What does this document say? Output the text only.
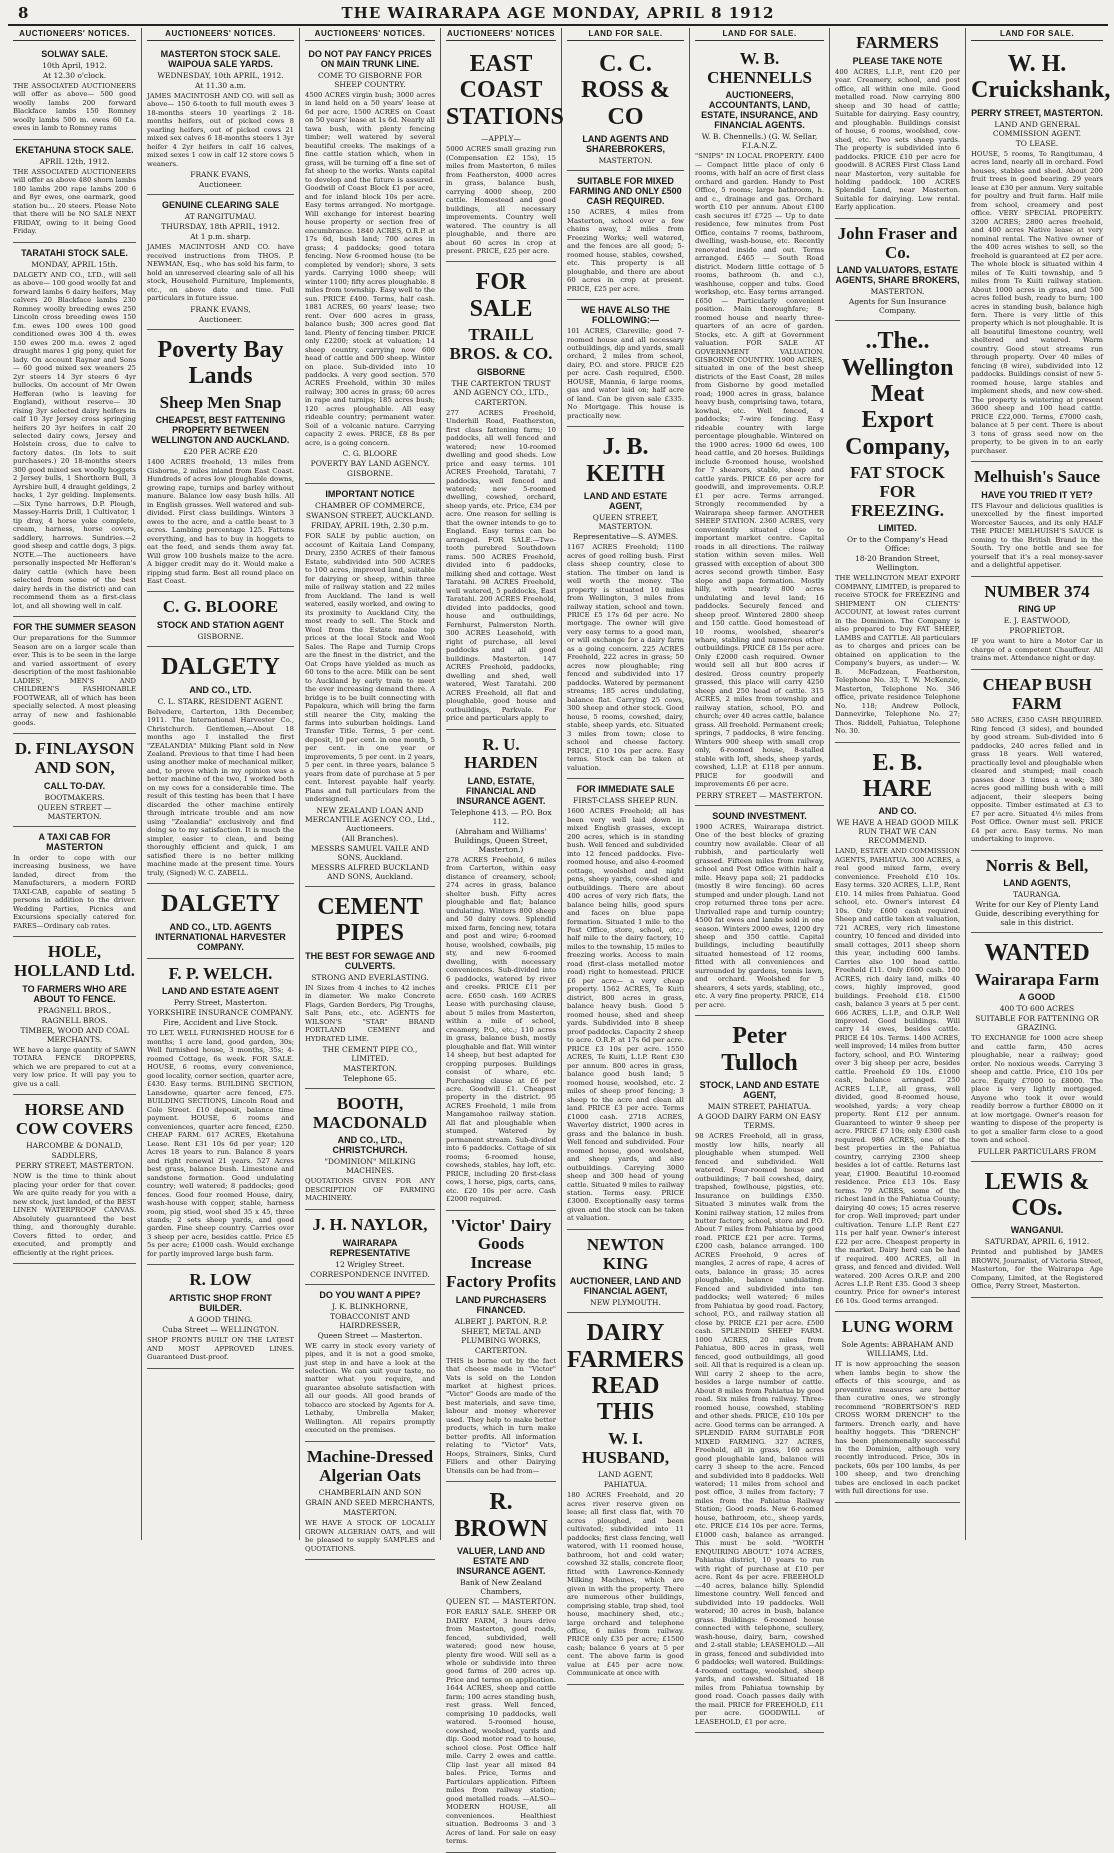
8	THE WAIRARAPA AGE MONDAY, APRIL 8 1912
AUCTIONEERS' NOTICES.
SOLWAY SALE.
10th April, 1912.
At 12.30 o'clock.
THE ASSOCIATED AUCTIONEERS will offer as above— 500 good woolly lambs 200 forward Blackface lambs 150 Romney woolly lambs 500 m. ewes 60 f.a. ewes in lamb to Romney rams
EKETAHUNA STOCK SALE.
APRIL 12th, 1912.
THE ASSOCIATED AUCTIONEERS will offer as above 480 shorn lambs 180 lambs 200 rape lambs 200 6 and 8yr ewes, one earmark, good station bu... 20 steers. Please Note that there will be NO SALE NEXT FRIDAY, owing to it being Good Friday.
TARATAHI STOCK SALE.
MONDAY, APRIL 15th.
DALGETY AND CO., LTD., will sell as above— 100 good woolly fat and forward lambs 6 dairy heifers, May calvers 20 Blackface lambs 230 Romney woolly breeding ewes 250 Lincoln cross breeding ewes 150 f.m. ewes 100 ewes 100 good conditioned ewes 300 4 th. ewes 150 ewes 200 m.a. ewes 2 aged draught mares 1 gig pony, quiet for lady. On account Rayner and Sons— 60 good mixed sex weaners 25 2yr steers 14 3yr steers 6 4yr bullocks. On account of Mr Owen Hefferan (who is leaving for England), without reserve— 30 rising 3yr selected dairy heifers in calf 10 3yr Jersey cross springing heifers 20 3yr heifers in calf 20 selected dairy cows, Jersey and Holstein cross, due to calve to factory dates. (In lots to suit purchasers.) 20 18-months steers 300 good mixed sex woolly hoggets 2 Jersey bulls, 1 Shorthorn Bull, 3 Ayrshire bull, 4 draught geldings, 2 hacks, 1 2yr gelding. Implements.—Six Tyne harrows, D.P. Plough, Massey-Harris Drill, 1 Cultivator, 1 tip dray, 4 horse yoke complete, cream, harness, horse covers, saddlery, harrows. Sundries.—2 good sheep and cattle dogs, 3 pigs. NOTE.—The auctioneers have personally inspected Mr Hefferan's dairy cattle (which have been selected from some of the best dairy herds in the district) and can recommend them as a first-class lot, and all showing well in calf.
FOR THE SUMMER SEASON
Our preparations for the Summer Season are on a larger scale than ever. This is to be seen in the large and varied assortment of every description of the most fashionable LADIES', MEN'S AND CHILDREN'S FASHIONABLE FOOTWEAR, all of which has been specially selected. A most pleasing array of new and fashionable goods.
D. FINLAYSON AND SON,
CALL TO-DAY.
BOOTMAKERS.
QUEEN STREET — MASTERTON.
A TAXI CAB FOR MASTERTON
In order to cope with our increasing business, we have landed, direct from the Manufacturers, a modern FORD TAXI-CAB, capable of seating 5 persons in addition to the driver. Wedding Parties, Picnics and Excursions specially catered for. FARES—Ordinary cab rates.
HOLE, HOLLAND Ltd.
TO FARMERS WHO ARE ABOUT TO FENCE.
PRAGNELL BROS.,
RAGNELL BROS.
TIMBER, WOOD AND COAL MERCHANTS.
WE have a large quantity of SAWN TOTARA FENCE DROPPERS, which we are prepared to cut at a very low price. It will pay you to give us a call.
HORSE AND COW COVERS
HARCOMBE & DONALD,
SADDLERS,
PERRY STREET, MASTERTON.
NOW is the time to think about placing your order for that cover. We are quite ready for you with a new stock, just landed, of the BEST LINEN WATERPROOF CANVAS. Absolutely guaranteed the best thing, and thoroughly durable. Covers fitted to order, and executed, and promptly and efficiently at the right prices.
AUCTIONEERS' NOTICES.
MASTERTON STOCK SALE. WAIPOUA SALE YARDS.
WEDNESDAY, 10th APRIL, 1912.
At 11.30 a.m.
JAMES MACINTOSH AND CO. will sell as above— 150 6-tooth to full mouth ewes 3 18-months steers 10 yearlings 2 18-months heifers, out of picked cows 8 yearling heifers, out of picked cows 21 mixed sex calves 6 18-months steers 1 3yr heifer 4 2yr heifers in calf 16 calves, mixed sexes 1 cow in calf 12 store cows 5 weaners.
FRANK EVANS,
Auctioneer.
GENUINE CLEARING SALE
AT RANGITUMAU.
THURSDAY, 18th APRIL, 1912.
At 1 p.m. sharp.
JAMES MACINTOSH AND CO. have received instructions from THOS. P. NEWMAN, Esq., who has sold his farm, to hold an unreserved clearing sale of all his stock, Household Furniture, Implements, etc., on above date and time. Full particulars in future issue.
FRANK EVANS,
Auctioneer.
Poverty Bay Lands
Sheep Men Snap
CHEAPEST, BEST FATTENING PROPERTY BETWEEN WELLINGTON AND AUCKLAND.
£20 PER ACRE £20
1400 ACRES freehold, 13 miles from Gisborne, 2 miles inland from East Coast. Hundreds of acres low ploughable downs, growing rape, turnips and barley without manure. Balance low easy bush hills. All in English grasses. Well watered and sub-divided. First class buildings. Winters 3 ewes to the acre, and a cattle beast to 3 acres. Lambing percentage 125. Fattens everything, and has to buy in hoggets to eat the feed, and sends them away fat. Will grow 100 bushels maize to the acre. A bigger credit may do it. Would make a ripping stud farm. Best all round place on East Coast.
C. G. BLOORE
STOCK AND STATION AGENT
GISBORNE.
DALGETY
AND CO., LTD.
C. L. STARK, RESIDENT AGENT.
Belvedere, Carterton, 13th December, 1911. The International Harvester Co., Christchurch. Gentlemen,—About 18 months ago I installed the first "ZEALANDIA" Milking Plant sold in New Zealand. Previous to that time I had been using another make of mechanical milker, and, to prove which in my opinion was a better machine of the two, I worked both on my cows for a considerable time. The result of this testing has been that I have discarded the other machine entirely through intricate trouble and am now using "Zealandia" exclusively and find doing so to my satisfaction. It is much the simpler, easier to clean, and being thoroughly efficient and quick, I am satisfied there is no better milking machine made at the present time. Yours truly, (Signed) W. C. ZABELL.
DALGETY
AND CO., LTD. AGENTS INTERNATIONAL HARVESTER COMPANY.
F. P. WELCH.
LAND AND ESTATE AGENT
Perry Street, Masterton.
YORKSHIRE INSURANCE COMPANY.
Fire, Accident and Live Stock.
TO LET. WELL FURNISHED HOUSE for 6 months; 1 acre land, good garden, 30s; Well furnished house, 3 months, 35s; 4-roomed Cottage, 6s week. FOR SALE. HOUSE, 6 rooms, every convenience, good locality, corner section, quarter acre, £430. Easy terms. BUILDING SECTION, Lansdowne, quarter acre fenced, £75. BUILDING SECTIONS, Lincoln Road and Cole Street. £10 deposit, balance time payment. HOUSE, 6 rooms and conveniences, quarter acre fenced, £250. CHEAP FARM. 617 ACRES, Eketahuna Lease. Rent £31 10s 6d per year; 120 Acres 18 years to run. Balance 8 years and right renewal 21 years. 527 Acres best grass, balance bush. Limestone and sandstone formation. Good undulating country; well watered; 8 paddocks; good fences. Good four roomed House, dairy, wash-house with copper, stable, harness room, pig stied, wool shed 35 x 45, three stands; 2 sets sheep yards, and good garden. Fine sheep country. Carries over 3 sheep per acre, besides cattle. Price £5 5s per acre; £1000 cash. Would exchange for partly improved large bush farm.
R. LOW
ARTISTIC SHOP FRONT BUILDER.
A GOOD THING.
Cuba Street — WELLINGTON.
SHOP FRONTS BUILT ON THE LATEST AND MOST APPROVED LINES. Guaranteed Dust-proof.
AUCTIONEERS' NOTICES.
DO NOT PAY FANCY PRICES ON MAIN TRUNK LINE.
COME TO GISBORNE FOR SHEEP COUNTRY.
4500 ACRES virgin bush; 3000 acres in land held on a 50 years' lease at 6d per acre, 1500 ACRES on Coast on 50 years' lease at 1s 6d. Nearly all tawa bush, with plenty fencing timber; well watered by several beautiful creeks. The makings of a fine cattle station which, when in grass, will be turning off a fine set of fat sheep to the works. Wants capital to develop and the future is assured. Goodwill of Coast Block £1 per acre, and for inland block 10s per acre. Easy terms arranged. No mortgage. Will exchange for interest bearing house property or section free of encumbrance. 1840 ACRES, O.R.P. at 17s 6d, bush land; 700 acres in grass; 4 paddocks; good totara fencing. New 6-roomed house (to be completed by vendor); shore, 3 sets yards. Carrying 1000 sheep; will winter 1100; fifty acres ploughable. 8 miles from township. Easy well to the sun. PRICE £400. Terms, half cash. 1881 ACRES, 60 years' lease; two rent. Over 600 acres in grass, balance bush; 300 acres good flat land. Plenty of fencing timber. PRICE only £2200; stock at valuation; 14 sheep country, carrying now 600 head of cattle and 500 sheep. Winter on place. Sub-divided into 10 paddocks. A very good section. 570 ACRES Freehold, within 30 miles railway; 300 acres in grass; 60 acres in rape and turnips; 185 acres bush; 120 acres ploughable. All easy rideable country; permanent water. Soil of a volcanic nature. Carrying capacity 2 ewes. PRICE, £8 8s per acre, is a going concern.
C. G. BLOORE
POVERTY BAY LAND AGENCY.
GISBORNE.
IMPORTANT NOTICE
CHAMBER OF COMMERCE,
SWANSON STREET, AUCKLAND.
FRIDAY, APRIL 19th, 2.30 p.m.
FOR SALE by public auction, on account of Kaitaia Land Company, Drury, 2350 ACRES of their famous Estate, subdivided into 500 ACRES to 100 acres, improved land, suitable for dairying or sheep, within three mile of railway station and 22 miles from Auckland. The land is well watered, easily worked, and owing to its proximity to Auckland City, the most ready to sell. The Stock and Wool from the Estate make top prices at the local Stock and Wool Sales. The Rape and Turnip Crops are the finest in the district, and the Oat Crops have yielded as much as 60 tons to the acre. Milk can be sent to Auckland by early train to meet the ever increasing demand there. A bridge is to be built connecting with Papakura, which will bring the farm still nearer the City, making the farms into suburban holdings. Land Transfer Title. Terms, 5 per cent. deposit, 10 per cent. in one month, 5 per cent. in one year or improvements, 5 per cent. in 2 years, 5 per cent. in three years, balance 5 years from date of purchase at 5 per cent. Interest payable half yearly. Plans and full particulars from the undersigned.
NEW ZEALAND LOAN AND MERCANTILE AGENCY CO., Ltd., Auctioneers.
(All Branches).
MESSRS SAMUEL VAILE AND SONS, Auckland.
MESSRS ALFRED BUCKLAND AND SONS, Auckland.
CEMENT PIPES
THE BEST FOR SEWAGE AND CULVERTS.
STRONG AND EVERLASTING.
IN Sizes from 4 inches to 42 inches in diameter. We make Concrete Flags, Garden Borders, Pig Troughs, Salt Pans, etc., etc. AGENTS for WILSON'S "STAR" BRAND PORTLAND CEMENT and HYDRATED LIME.
THE CEMENT PIPE CO., LIMITED.
MASTERTON.
Telephone 65.
BOOTH, MACDONALD
AND CO., LTD., CHRISTCHURCH.
"DOMINION" MILKING MACHINES.
QUOTATIONS GIVEN FOR ANY DESCRIPTION OF FARMING MACHINERY.
J. H. NAYLOR,
WAIRARAPA REPRESENTATIVE
12 Wrigley Street.
CORRESPONDENCE INVITED.
DO YOU WANT A PIPE?
J. K. BLINKHORNE,
TOBACCONIST AND HAIRDRESSER,
Queen Street — Masterton.
WE carry in stock every variety of pipes, and it is not a good smoke, just step in and have a look at the selection. We can suit your taste, no matter what you require, and guarantee absolute satisfaction with all our goods. All good brands of tobacco are stocked by Agents for A. Lethaby, Umbrella Maker, Wellington. All repairs promptly executed on the premises.
Machine-Dressed Algerian Oats
CHAMBERLAIN AND SON
GRAIN AND SEED MERCHANTS,
MASTERTON.
WE HAVE A STOCK OF LOCALLY GROWN ALGERIAN OATS, and will be pleased to supply SAMPLES and QUOTATIONS.
AUCTIONEERS' NOTICES
EAST COAST STATIONS
—APPLY—
5000 ACRES small grazing run (Compensation £2 15s), 15 miles from Masterton, 6 miles from Featherston, 4000 acres in grass, balance bush, carrying 4000 sheep, 200 cattle. Homestead and good buildings, all necessary improvements. Country well watered. The country is all ploughable, and there are about 60 acres in crop at present. PRICE, £25 per acre.
FOR SALE
TRAILL BROS. & CO.
GISBORNE
THE CARTERTON TRUST AND AGENCY CO., LTD.,
CARTERTON.
277 ACRES Freehold, Underhill Road, Featherston, first class fattening farm; 10 paddocks, all well fenced and watered; new 10-roomed dwelling and good sheds. Low price and easy terms. 101 ACRES Freehold, Taratahi, 7 paddocks, well fenced and watered; new 5-roomed dwelling, cowshed, orchard, sheep yards, etc. Price, £34 per acre. One reason for selling is that the owner intends to go to England. Easy terms can be arranged. FOR SALE.—Two-tooth purebred Southdown rams. 500 ACRES Freehold, divided into 6 paddocks, milking shed and cottage. West Taratahi. 98 ACRES Freehold, well watered, 5 paddocks, East Taratahi. 200 ACRES Freehold, divided into paddocks, good house and outbuildings, Fernhurst, Palmerston North. 300 ACRES Leasehold, with right of purchase, all level paddocks and all good buildings. Masterton. 147 ACRES Freehold, paddocks, dwelling and shed, well watered, West Taratahi. 200 ACRES Freehold, all flat and ploughable, good house and outbuildings, Parkvale. For price and particulars apply to
R. U. HARDEN
LAND, ESTATE, FINANCIAL AND INSURANCE AGENT.
Telephone 413. — P.O. Box 112.
(Abraham and Williams' Buildings, Queen Street, Masterton.)
278 ACRES Freehold, 6 miles from Carterton, within easy distance of creamery, school; 274 acres in grass, balance shelter bush. Fifty acres ploughable and flat; balance undulating. Winters 800 sheep and 50 dairy cows. Splendid mixed farm, fencing new, totara and post and wire; 6-roomed house, woolshed, cowbails, pig sty, and new 6-roomed dwelling, with necessary conveniences. Sub-divided into 6 paddocks, watered by river and creeks. PRICE £11 per acre. £650 cash. 169 ACRES Lease with purchasing clause, about 5 miles from Masterton, within a mile of school, creamery, P.O., etc.; 110 acres in grass, balance bush, mostly ploughable and flat. Will winter 14 sheep, but best adapted for cropping purposes. Buildings consist of whare, etc. Purchasing clause at £6 per acre. Goodwill £1. Cheapest property in the district. 95 ACRES Freehold, 1 mile from Mangamahoe railway station. All flat and ploughable when stumped. Watered by permanent stream. Sub-divided into 6 paddocks. Cottage of six rooms; 6-roomed house, cowsheds, stables, hay loft, etc. PRICE, including 20 first-class cows, 1 horse, pigs, carts, cans, etc. £20 10s per acre. Cash £2000 required.
'Victor' Dairy Goods Increase Factory Profits
LAND PURCHASERS FINANCED.
ALBERT J. PARTON, R.P.
SHEET, METAL AND PLUMBING WORKS,
CARTERTON.
THIS is borne out by the fact that cheese made in "Victor" Vats is sold on the London market at highest prices. "Victor" Goods are made of the best materials, and save time, labour and money wherever used. They help to make better products, which in turn make better profits. All information relating to "Victor" Vats, Hoops, Strainers, Sinks, Curd Fillers and other Dairying Utensils can be had from—
R. BROWN
VALUER, LAND AND ESTATE AND INSURANCE AGENT.
Bank of New Zealand Chambers,
QUEEN ST. — MASTERTON.
FOR EARLY SALE. SHEEP OR DAIRY FARM, 3 hours drive from Masterton, good roads, fenced, subdivided, well watered; good new house, plenty fire wood. Will sell as a whole or subdivide into three good farms of 200 acres up. Price and terms on application. 1644 ACRES, sheep and cattle farm; 100 acres standing bush, rest grass. Well fenced, comprising 10 paddocks, well watered. 5-roomed house, cowshed, woolshed, yards and dip. Good motor road to house, school close. Post Office half mile. Carry 2 ewes and cattle. Clip last year all mixed 84 bales. Price, Terms and Particulars application. Fifteen miles from railway station; good metalled roads. —ALSO— MODERN HOUSE, all conveniences. Healthiest situation. Bedrooms 3 and 3 Acres of land. For sale on easy terms.
LAND FOR SALE.
C. C. ROSS & CO
LAND AGENTS AND SHAREBROKERS,
MASTERTON.
SUITABLE FOR MIXED FARMING AND ONLY £500 CASH REQUIRED.
150 ACRES, 4 miles from Masterton, school over a few chains away, 2 miles from Freezing Works; well watered, and the fences are all good; 5-roomed house, stables, cowshed, etc. This property is all ploughable, and there are about 60 acres in crop at present. PRICE, £25 per acre.
WE HAVE ALSO THE FOLLOWING:—
101 ACRES, Clareville; good 7-roomed house and all necessary outbuildings, dip and yards, small orchard, 2 miles from school, dairy, P.O. and store. PRICE £25 per acre. Cash required, £500. HOUSE, Mannia, 6 large rooms, gas and water laid on; half acre of land. Can be given sale £335. No Mortgage. This house is practically new.
J. B. KEITH
LAND AND ESTATE AGENT,
QUEEN STREET, MASTERTON.
Representative—S. AYMES.
1167 ACRES Freehold; 1100 acres of good rolling bush. First class sheep country, close to station. The timber on land is well worth the money. The property is situated 10 miles from Wellington, 3 miles from railway station, school and town. PRICE £5 17s 6d per acre. No mortgage. The owner will give very easy terms to a good man, or will exchange for a dairy farm as a going concern. 225 ACRES Freehold, 222 acres in grass; 50 acres now ploughable; ring fenced and subdivided into 17 paddocks. Watered by permanent streams; 185 acres undulating, balance flat. Carrying 25 cows, 300 sheep and other stock. Good house, 5 rooms, cowshed, dairy, stable, sheep yards, etc. Situated 3 miles from town; close to school and cheese factory. PRICE, £10 10s per acre. Easy terms. Stock can be taken at valuation.
FOR IMMEDIATE SALE
FIRST-CLASS SHEEP RUN.
1600 ACRES Freehold; all has been very well laid down in mixed English grasses, except 200 acres, which is in standing bush. Well fenced and subdivided into 12 fenced paddocks. Five-roomed house, and also 4-roomed cottage, woolshed and night pens, sheep yards, cow-shed and outbuildings. There are about 400 acres of very rich flats, the balance being hills, good spurs and faces on blue papa formation. Situated 1 mile to the Post Office, store, school, etc.; half mile to the dairy factory, 10 miles to the township, 15 miles to freezing works. Access to main road (first-class metalled motor road) right to homestead. PRICE £6 per acre— a very cheap property. 1562 ACRES, Te Kuiti district, 800 acres in grass, balance heavy bush. Good 5 roomed house, shed and sheep yards. Subdivided into 8 sheep proof paddocks. Capacity 2 sheep to acre. O.R.P. at 17s 6d per acre. PRICE £3 10s per acre. 1550 ACRES, Te Kuiti, L.I.P. Rent £30 per annum. 800 acres in grass, balance good bush land; 5 roomed house, woolshed, etc. 2 miles of sheep proof fencing; 3 sheep to the acre and clean all land. PRICE £3 per acre. Terms £1000 cash. 2718 ACRES, Waverley district, 1900 acres in grass and the balance in bush. Well fenced and subdivided. Four roomed house, good woolshed, and sheep yards, and also outbuildings. Carrying 3000 sheep and 300 head of young cattle. Situated 9 miles to railway station. Terms easy. PRICE £3000. Exceptionally easy terms given and the stock can be taken at valuation.
NEWTON KING
AUCTIONEER, LAND AND FINANCIAL AGENT,
NEW PLYMOUTH.
DAIRY FARMERS READ THIS
W. I. HUSBAND,
LAND AGENT,
PAHIATUA.
180 ACRES Freehold, and 20 acres river reserve given on lease; all first class flat, with 70 acres ploughed, and been cultivated; subdivided into 11 paddocks; first class fencing, well watered, with 11 roomed house, bathroom, hot and cold water; cowshed 32 stalls, concrete floor, fitted with Lawrence-Kennedy Milking Machines, which are given in with the property. There are numerous other buildings, comprising stable, trap shed, tool house, machinery shed, etc.; large orchard and telephone office, 6 miles from railway. PRICE only £35 per acre; £1500 cash; balance 6 years at 5 per cent. The above farm is good value at £45 per acre now. Communicate at once with
LAND FOR SALE.
W. B. CHENNELLS
AUCTIONEERS, ACCOUNTANTS, LAND, ESTATE, INSURANCE, AND FINANCIAL AGENTS.
W. B. Chennells.) (G. W. Sellar, F.I.A.N.Z.
"SNIPS" IN LOCAL PROPERTY. £400 — Compact little place of only 6 rooms, with half an acre of first class orchard and garden. Handy to Post Office, 5 rooms; large bathroom, h. and c., drainage and gas. Orchard worth £10 per annum. About £100 cash secures it! £725 — Up to date residence, few minutes from Post Office, contains 7 rooms, bathroom, dwelling, wash-house, etc. Recently renovated inside and out. Terms arranged. £465 — South Road district. Modern little cottage of 5 rooms, bathroom (h. and c.), washhouse, copper and tubs. Good workshop, etc. Easy terms arranged. £650 — Particularly convenient position. Main thoroughfare; 8-roomed house and nearly three-quarters of an acre of garden. Stocks, etc. A gift at Government valuation. FOR SALE AT GOVERNMENT VALUATION. GISBORNE COUNTRY. 1900 ACRES, situated in one of the best sheep districts of the East Coast, 28 miles from Gisborne by good metalled road; 1900 acres in grass, balance heavy bush, comprising tawa, totara, kowhai, etc. Well fenced, 4 paddocks; 7-wire fencing. Easy rideable country with large percentage ploughable. Wintered on the 1900 acres: 1900 6d ewes, 100 head cattle, and 20 horses. Buildings include 6-roomed house, woolshed for 7 shearers, stable, sheep and cattle yards. PRICE £6 per acre for goodwill, and improvements. O.R.P. £1 per acre. Terms arranged. Strongly recommended by a Wairarapa sheep farmer. ANOTHER SHEEP STATION. 2360 ACRES, very conveniently situated close to important market centre. Capital roads in all directions. The railway station within seven miles. Well grassed with exception of about 300 acres second growth timber. Easy slope and papa formation. Mostly hilly, with nearly 800 acres undulating and level land; 16 paddocks. Securely fenced and sheep proof. Wintered 2800 sheep and 150 cattle. Good homestead of 10 rooms, woolshed, shearer's whare, stabling and numerous other outbuildings. PRICE £8 15s per acre. Only £2000 cash required. Owner would sell all but 800 acres if desired. Gross country properly grassed, this place will carry 4250 sheep and 250 head of cattle. 315 ACRES, 2 miles from township and railway station, school, P.O. and church; over 40 acres cattle, balance grass. All freehold. Permanent creek; springs, 7 paddocks, 8 wire fencing. Winters 900 sheep with small crop only, 6-roomed house, 8-stalled stable with loft, sheds, sheep yards, cowshed, L.I.P. at £118 per annum. PRICE for goodwill and improvements £6 per acre.
PERRY STREET — MASTERTON.
SOUND INVESTMENT.
1900 ACRES, Wairarapa district. One of the best blocks of grazing country now available. Clear of all rubbish, and particularly well grassed. Fifteen miles from railway, school and Post Office within half a mile. Heavy papa soil; 21 paddocks (mostly 8 wire fencing). 60 acres stumped and under plough. Land not crop returned three tons per acre. Unrivalled rape and turnip country; 4500 fat ewes and lambs sold in one season. Winters 2000 ewes, 1200 dry sheep and 350 cattle. Capital buildings, including beautifully situated homestead of 12 rooms, fitted with all conveniences and surrounded by gardens, tennis lawn, and orchard. Woolshed for 5 shearers, 4 sets yards, stabling, etc., etc. A very fine property. PRICE, £14 per acre.
Peter Tulloch
STOCK, LAND AND ESTATE AGENT,
MAIN STREET, PAHIATUA.
A GOOD DAIRY FARM ON EASY TERMS.
98 ACRES Freehold, all in grass, mostly low hills, nearly all ploughable when stumped. Well fenced and subdivided. Well watered. Four-roomed house and outbuildings; 7 bail cowshed, dairy, trapshed, fowlhouse, pigsties, etc. Insurance on buildings £350. Situated 3 minutes walk from the Konini railway station, 12 miles from butter factory, school, store and P.O. About 7 miles from Pahiatua by good road. PRICE £21 per acre. Terms, £200 cash, balance arranged. 100 ACRES Freehold, 9 acres of mangles, 2 acres of rape, 4 acres of oats, balance in grass; 35 acres ploughable, balance undulating. Fenced and subdivided into ten paddocks; well watered; 6 miles from Pahiatua by good road. Factory, school, P.O., and railway station all close by. PRICE £21 per acre. £500 cash. SPLENDID SHEEP FARM. 1000 ACRES, 20 miles from Pahiatua, 800 acres in grass, well fenced, good outbuildings, all good soil. All that is required is a clean up. Will carry 2 sheep to the acre, besides a large number of cattle. About 8 miles from Pahiatua by good road. Six miles from railway. Three-roomed house, cowshed, stabling and other sheds. PRICE, £10 10s per acre. Good terms can be arranged. A SPLENDID FARM SUITABLE FOR MIXED FARMING. 327 ACRES, Freehold, all in grass, 160 acres good ploughable land, balance will carry 3 sheep to the acre. Fenced and subdivided into 8 paddocks. Well watered; 11 miles from school and post office, 3 miles from factory; 7 miles from the Pahiatua Railway Station; Good roads. New 6-roomed house, bathroom, etc., sheep yards, etc. PRICE £14 10s per acre. Terms, £1000 cash, balance as arranged. This must be sold. "WORTH ENQUIRING ABOUT." 1074 ACRES, Pahiatua district, 10 years to run with right of purchase at £10 per acre. Rent 4s per acre. FREEHOLD—40 acres, balance hilly. Splendid limestone country. Well fenced and subdivided into 19 paddocks. Well watered; 30 acres in bush, balance grass. Buildings: 6-roomed house connected with telephone, scullery, wash-house, dairy, barn, cowshed and 2-stall stable; LEASEHOLD.—All in grass, fenced and subdivided into 6 paddocks; well watered. Buildings: 4-roomed cottage, woolshed, sheep yards, and cowshed. Situated 18 miles from Pahiatua township by good road. Coach passes daily with the mail. PRICE for FREEHOLD, £11 per acre. GOODWILL of LEASEHOLD, £1 per acre.
FARMERS
PLEASE TAKE NOTE
400 ACRES, L.I.P., rent £20 per year. Creamery, school, and post office, all within one mile. Good metalled road. Now carrying 800 sheep and 30 head of cattle; Suitable for dairying. Easy country, and ploughable. Buildings consist of house, 6 rooms, woolshed, cow-shed, etc. Two sets sheep yards. The property is subdivided into 6 paddocks. PRICE £10 per acre for goodwill. 8 ACRES First Class Land near Masterton, very suitable for holding paddock. 100 ACRES Splendid Land, near Masterton. Suitable for dairying. Low rental. Early application.
John Fraser and Co.
LAND VALUATORS, ESTATE AGENTS, SHARE BROKERS,
MASTERTON.
Agents for Sun Insurance Company.
..The.. Wellington Meat Export Company,
FAT STOCK FOR FREEZING.
LIMITED.
Or to the Company's Head Office:
18-20 Brandon Street, Wellington.
THE WELLINGTON MEAT EXPORT COMPANY, LIMITED, is prepared to receive STOCK for FREEZING and SHIPMENT ON CLIENTS' ACCOUNT, at lowest rates current in the Dominion. The Company is also prepared to buy FAT SHEEP, LAMBS and CATTLE. All particulars as to charges and prices can be obtained on application to the Company's buyers, as under:— W. B. McFadzean, Featherston, Telephone No. 33; T. W. McKenzie, Masterton, Telephone No. 346 office, private residence Telephone No. 118; Andrew Pollock, Dannevirke, Telephone No. 27; Thos. Riddell, Pahiatua, Telephone No. 30.
E. B. HARE
AND CO.
WE HAVE A HEAD GOOD MILK RUN THAT WE CAN RECOMMEND.
LAND, ESTATE AND COMMISSION AGENTS, PAHIATUA. 300 ACRES, a real good mixed farm, every convenience. Freehold £10 10s. Easy terms. 320 ACRES, L.I.P., Rent £10. 14 miles from Pahiatua. Good school, etc. Owner's interest £4 10s. Only £600 cash required. Sheep and cattle taken at valuation, 721 ACRES, very rich limestone country, 10 fenced and divided into small cottages, 2011 sheep shorn this year, including 600 lambs. Carries also 100 head cattle. Freehold £11. Only £600 cash. 100 ACRES, rich dairy land, milks 40 cows, highly improved, good buildings. Freehold £18. £1500 cash, balance 3 years at 5 per cent. 666 ACRES, L.I.P., and O.R.P. Well improved. Good buildings. Will carry 14 ewes, besides cattle. PRICE £4 10s. Terms. 1400 ACRES, well improved; 14 miles from butter factory, school, and P.O. Wintering over 3 big sheep per acre, besides cattle. Freehold £9 10s. £1000 cash, balance arranged. 250 ACRES L.I.P., all grass, well divided, good 8-roomed house, woolshed, yards; a very cheap property. Rent £12 per annum. Guaranteed to winter 9 sheep per acre. PRICE £7 10s; only £300 cash required. 986 ACRES, one of the best properties in the Pahiatua country, carrying 2300 sheep besides a lot of cattle. Returns last year, £1900. Beautiful 10-roomed residence. Price £13 10s. Easy terms. 79 ACRES, some of the richest land in the Pahiatua County; dairying 40 cows; 15 acres reserve for crop. Well improved; part under cultivation. Tenure L.I.P. Rent £27 11s per half year. Owner's interest £22 per acre. Cheapest property in the market. Dairy herd can be had if required. 400 ACRES, all in grass, and fenced and divided. Well watered. 200 Acres O.R.P. and 200 Acres L.I.P. Rent £35. Good 3 sheep country. Price for owner's interest £6 10s. Good terms arranged.
LUNG WORM
Sole Agents: ABRAHAM AND WILLIAMS, Ltd.
IT is now approaching the season when lambs begin to show the effects of this scourge, and as preventive measures are better than curative ones, we strongly recommend "ROBERTSON'S RED CROSS WORM DRENCH" to the farmers. Drench early, and have healthy hoggets. This "DRENCH" has been phenomenally successful in the Dominion, although very recently introduced. Price, 30s in packets, 60s per 100 lambs, 4s per 100 sheep, and two drenching tubes are enclosed in each packet with full directions for use.
LAND FOR SALE.
W. H. Cruickshank,
PERRY STREET, MASTERTON.
LAND AND GENERAL COMMISSION AGENT.
TO LEASE.
HOUSE, 5 rooms, Te Rangitumau, 4 acres land, nearly all in orchard. Fowl houses, stables and shed. About 200 fruit trees in good bearing. 29 years lease at £30 per annum. Very suitable for poultry and fruit farm. Half mile from school, creamery and post office. VERY SPECIAL PROPERTY. 3200 ACRES; 2800 acres freehold, and 400 acres Native lease at very nominal rental. The Native owner of the 400 acres wishes to sell, so the freehold is guaranteed at £2 per acre. The whole block is situated within 4 miles of Te Kuiti township, and 5 miles from Te Kuiti railway station. About 1000 acres in grass, and 500 acres felled bush, ready to burn; 100 acres in standing bush, balance high fern. There is very little of this property which is not ploughable. It is all beautiful limestone country, well sheltered and watered. Warm country. Good stout streams run through property. Over 40 miles of fencing (8 wire), subdivided into 12 paddocks. Buildings consist of new 5-roomed house, large stables and implement sheds, and new cow-shed. The property is wintering at present 3600 sheep and 100 head cattle. PRICE £22,000. Terms, £7000 cash, balance at 5 per cent. There is about 3 tons of grass seed now on the property, to be given in to an early purchaser.
Melhuish's Sauce
HAVE YOU TRIED IT YET?
ITS Flavour and delicious qualities is unexcelled by the finest imported Worcester Sauces, and its only HALF THE PRICE! MELHUISH'S SAUCE is coming to the British Brand in the South. Try one bottle and see for yourself that it's a real money-saver and a delightful appetiser.
NUMBER 374
RING UP
E. J. EASTWOOD,
PROPRIETOR.
IF you want to hire a Motor Car in charge of a competent Chauffeur. All trains met. Attendance night or day.
CHEAP BUSH FARM
580 ACRES, £350 CASH REQUIRED. Ring fenced (3 sides), and bounded by good stream. Sub-divided into 6 paddocks, 240 acres felled and in grass 18 years. Well watered, practically level and ploughable when cleared and stumped; mail coach passes door 3 times a week; 380 acres good milling bush with a mill adjacent, their sleepers being opposite. Timber estimated at £3 to £7 per acre. Situated 4½ miles from Post Office. Owner must sell. PRICE £4 per acre. Easy terms. No man undertaking to improve.
Norris & Bell,
LAND AGENTS,
TAURANGA.
Write for our Key of Plenty Land Guide, describing everything for sale in this district.
WANTED
Wairarapa Farm
A GOOD
400 TO 600 ACRES
SUITABLE FOR FATTENING OR GRAZING.
TO EXCHANGE for 1000 acre sheep and cattle farm, 450 acres ploughable, near a railway; good order. No noxious weeds. Carrying 3 sheep and cattle. Price, £10 10s per acre. Equity £7000 to £8000. The place is very lightly mortgaged. Anyone who took it over would readily borrow a further £8000 on it at low mortgage. Owner's reason for wanting to dispose of the property is to get a smaller farm close to a good town and school.
FULLER PARTICULARS FROM
LEWIS & COs.
WANGANUI.
SATURDAY, APRIL 6, 1912.
Printed and published by JAMES BROWN, Journalist, of Victoria Street, Masterton, for the Wairarapa Age Company, Limited, at the Registered Office, Perry Street, Masterton.
